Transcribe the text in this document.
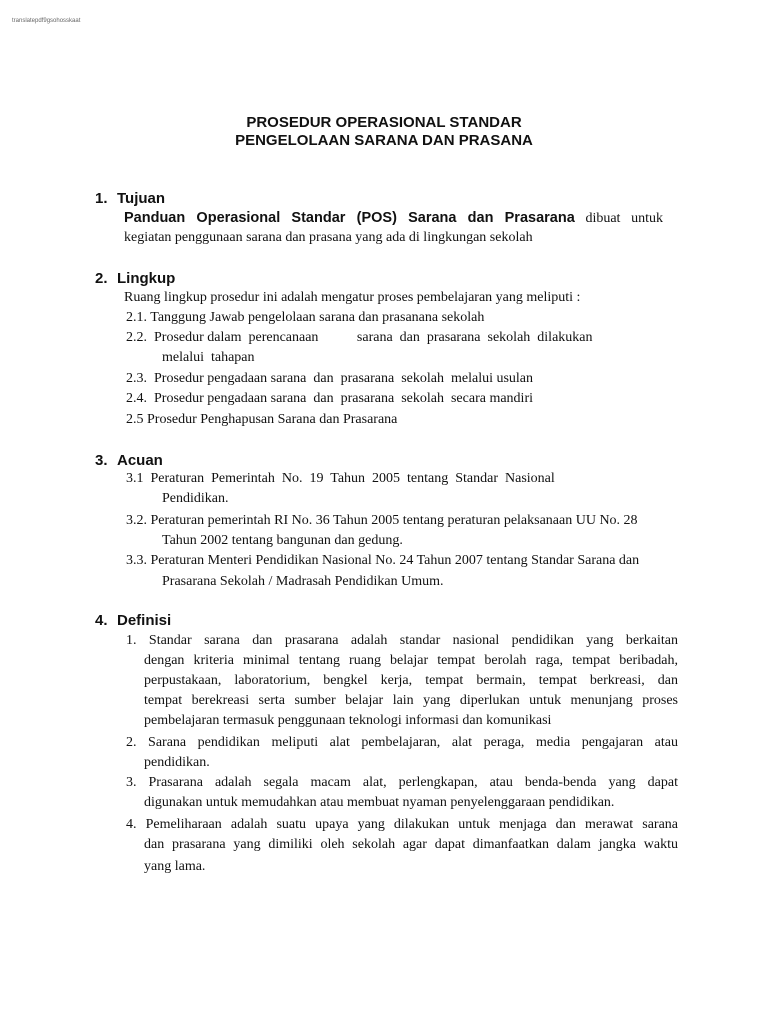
translatepdf9gsohosskaat
PROSEDUR OPERASIONAL STANDAR
PENGELOLAAN SARANA DAN PRASANA
1. Tujuan
Panduan Operasional Standar (POS) Sarana dan Prasarana dibuat untuk
kegiatan penggunaan sarana dan prasana yang ada di lingkungan sekolah
2. Lingkup
Ruang lingkup prosedur ini adalah mengatur proses pembelajaran yang meliputi :
2.1. Tanggung Jawab pengelolaan sarana dan prasanana sekolah
2.2.  Prosedur dalam  perencanaan           sarana  dan  prasarana  sekolah  dilakukan
melalui  tahapan
2.3.  Prosedur pengadaan sarana  dan  prasarana  sekolah  melalui usulan
2.4.  Prosedur pengadaan sarana  dan  prasarana  sekolah  secara mandiri
2.5 Prosedur Penghapusan Sarana dan Prasarana
3. Acuan
3.1  Peraturan  Pemerintah  No.  19  Tahun  2005  tentang  Standar  Nasional
Pendidikan.
3.2. Peraturan pemerintah RI No. 36 Tahun 2005 tentang peraturan pelaksanaan UU No. 28
Tahun 2002 tentang bangunan dan gedung.
3.3. Peraturan Menteri Pendidikan Nasional No. 24 Tahun 2007 tentang Standar Sarana dan
Prasarana Sekolah / Madrasah Pendidikan Umum.
4. Definisi
1. Standar sarana dan prasarana adalah standar nasional pendidikan yang berkaitan
dengan kriteria minimal tentang ruang belajar tempat berolah raga, tempat beribadah,
perpustakaan, laboratorium, bengkel kerja, tempat bermain, tempat berkreasi, dan
tempat berekreasi serta sumber belajar lain yang diperlukan untuk menunjang proses
pembelajaran termasuk penggunaan teknologi informasi dan komunikasi
2. Sarana pendidikan meliputi alat pembelajaran, alat peraga, media pengajaran atau
pendidikan.
3. Prasarana adalah segala macam alat, perlengkapan, atau benda-benda yang dapat
digunakan untuk memudahkan atau membuat nyaman penyelenggaraan pendidikan.
4. Pemeliharaan adalah suatu upaya yang dilakukan untuk menjaga dan merawat sarana
dan prasarana yang dimiliki oleh sekolah agar dapat dimanfaatkan dalam jangka waktu
yang lama.
